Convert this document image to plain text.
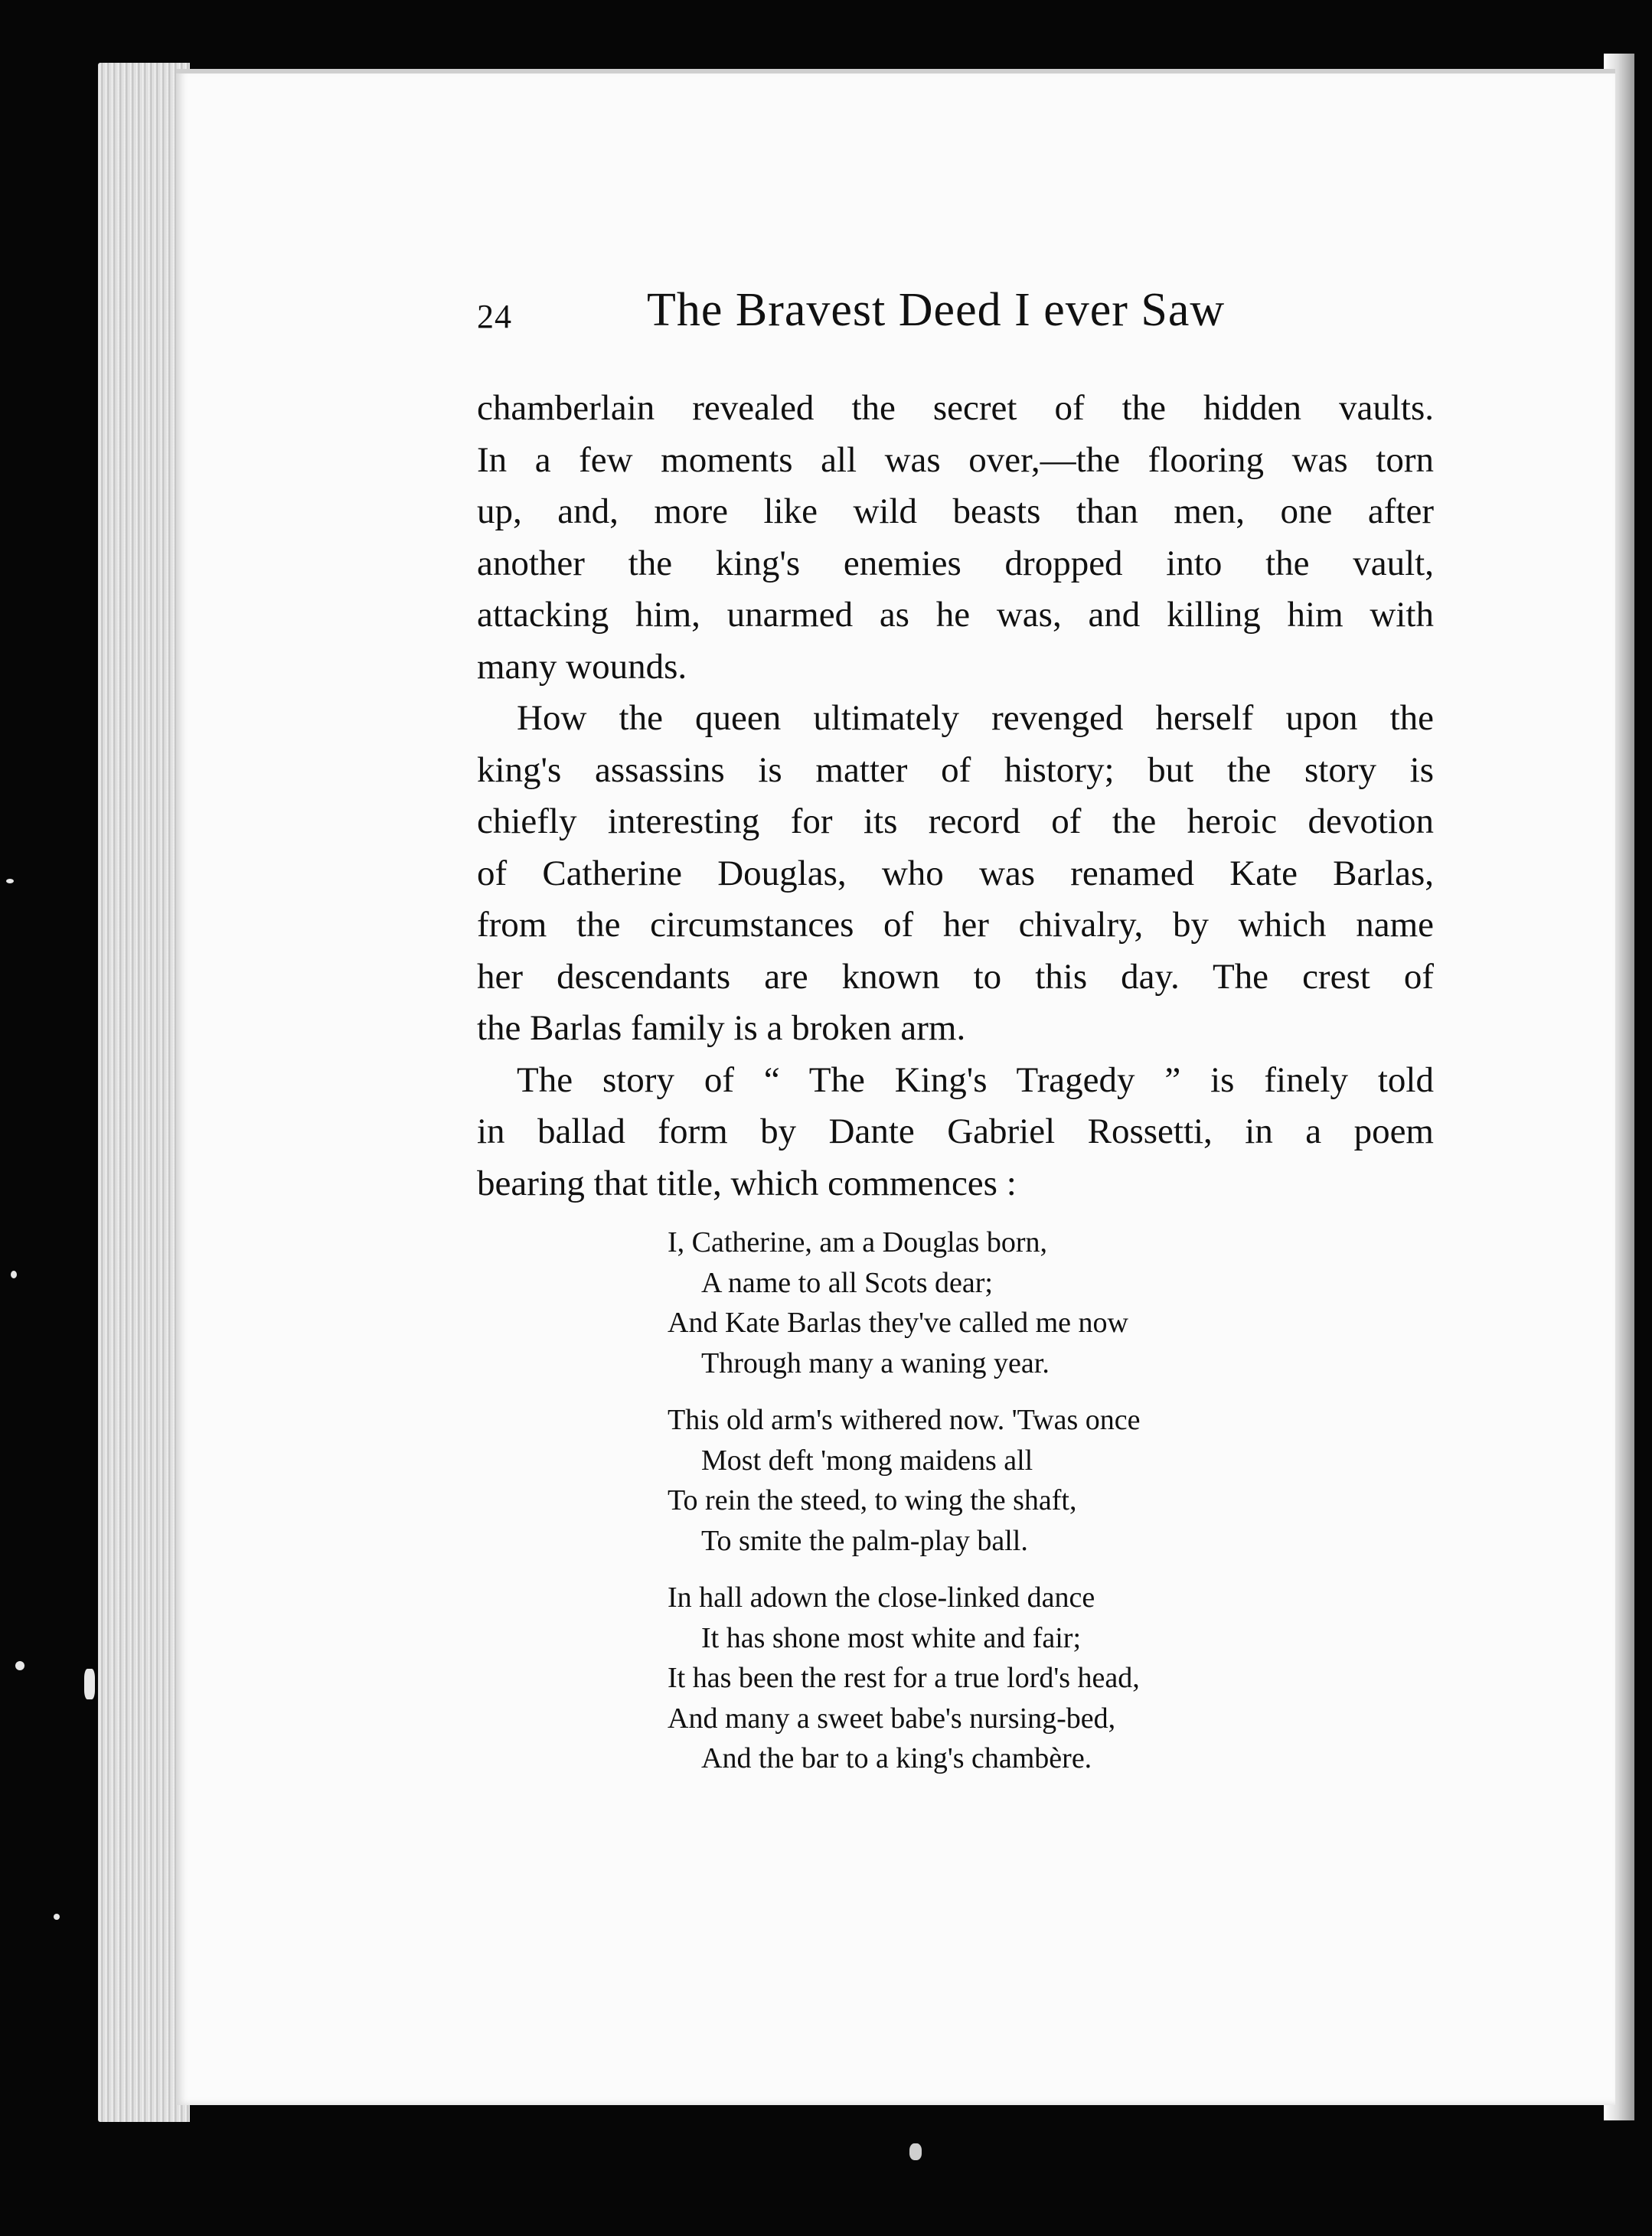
24	The Bravest Deed I ever Saw
chamberlain revealed the secret of the hidden vaults.
In a few moments all was over,—the flooring was torn
up, and, more like wild beasts than men, one after
another the king's enemies dropped into the vault,
attacking him, unarmed as he was, and killing him with
many wounds.
How the queen ultimately revenged herself upon the
king's assassins is matter of history; but the story is
chiefly interesting for its record of the heroic devotion
of Catherine Douglas, who was renamed Kate Barlas,
from the circumstances of her chivalry, by which name
her descendants are known to this day. The crest of
the Barlas family is a broken arm.
The story of “ The King's Tragedy ” is finely told
in ballad form by Dante Gabriel Rossetti, in a poem
bearing that title, which commences :
I, Catherine, am a Douglas born,
A name to all Scots dear;
And Kate Barlas they've called me now
Through many a waning year.
This old arm's withered now. 'Twas once
Most deft 'mong maidens all
To rein the steed, to wing the shaft,
To smite the palm-play ball.
In hall adown the close-linked dance
It has shone most white and fair;
It has been the rest for a true lord's head,
And many a sweet babe's nursing-bed,
And the bar to a king's chambère.
